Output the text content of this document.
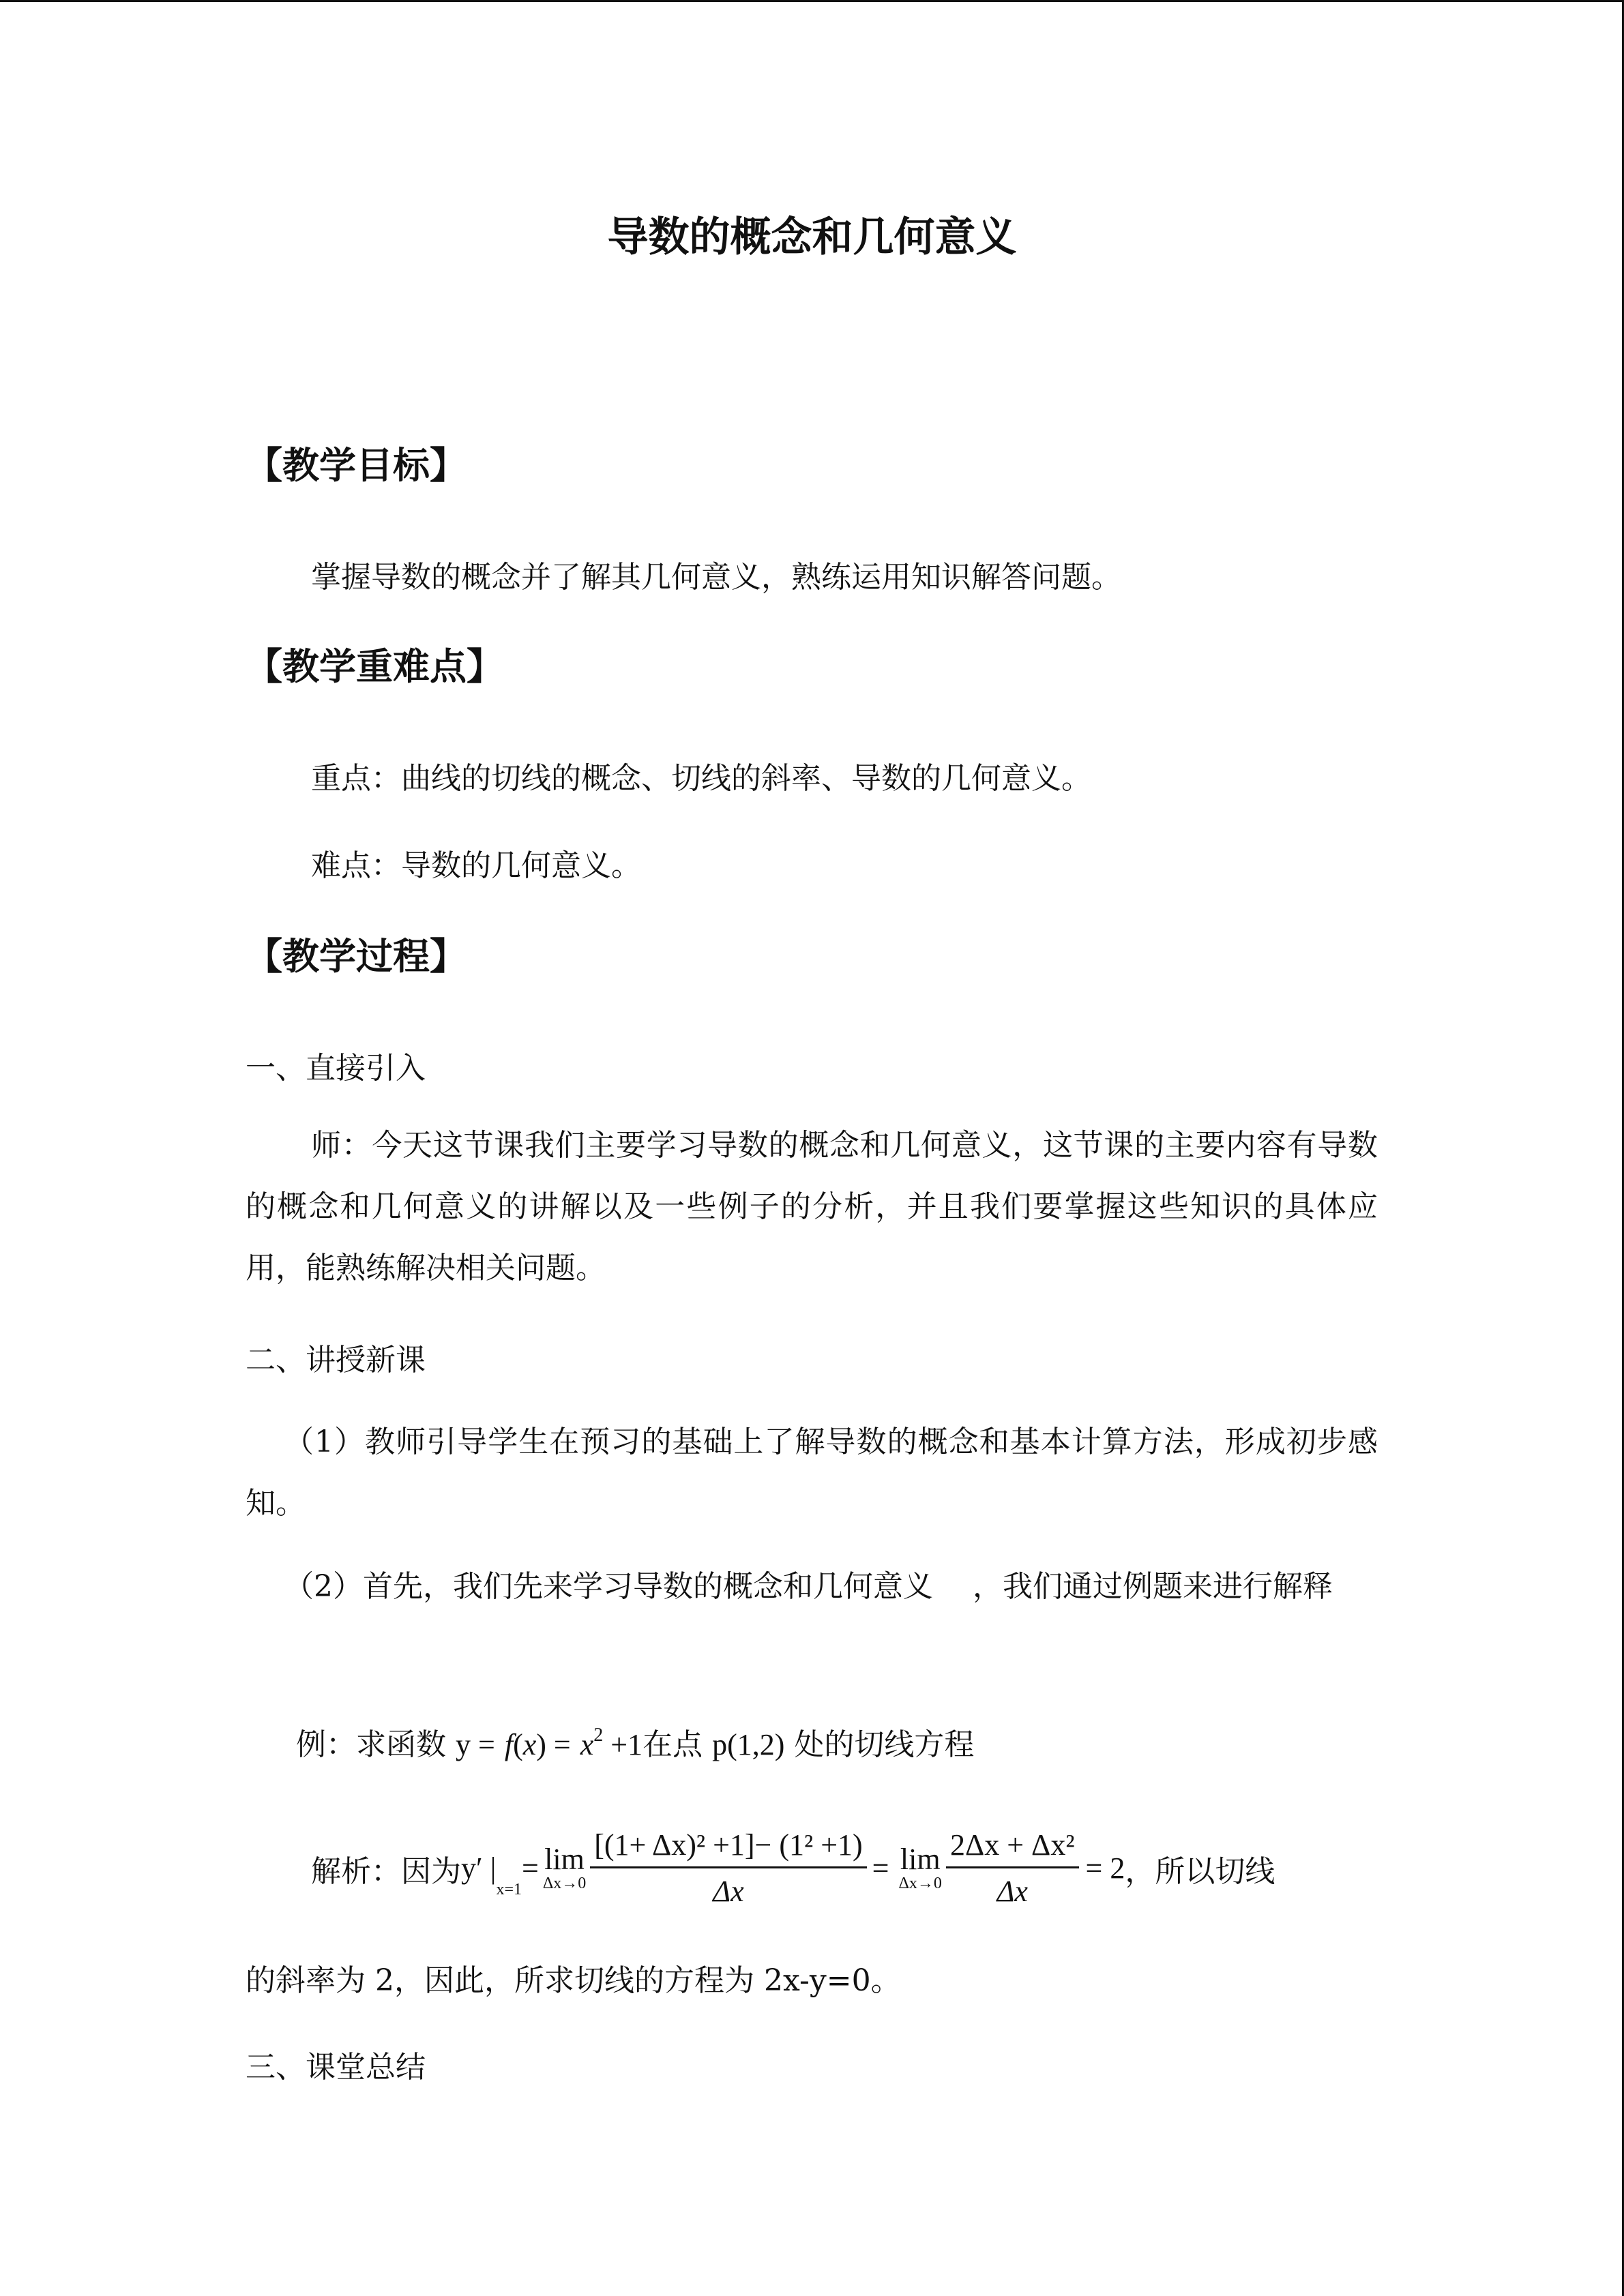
导数的概念和几何意义
【教学目标】
掌握导数的概念并了解其几何意义，熟练运用知识解答问题。
【教学重难点】
重点：曲线的切线的概念、切线的斜率、导数的几何意义。
难点：导数的几何意义。
【教学过程】
一、直接引入
师：今天这节课我们主要学习导数的概念和几何意义，这节课的主要内容有导数的概念和几何意义的讲解以及一些例子的分析，并且我们要掌握这些知识的具体应用，能熟练解决相关问题。
二、讲授新课
（1）教师引导学生在预习的基础上了解导数的概念和基本计算方法，形成初步感知。
（2）首先，我们先来学习导数的概念和几何意义 　，我们通过例题来进行解释
例：求函数 $y = f(x) = x^2 +1$在点 p(1,2) 处的切线方程
解析：因为 y′ |
x=1
= lim
$\Delta x\to 0 \frac{\text{[(1+ Δx)² +1]− (1² +1)}}{\Delta x} = \lim$
$\Delta x\to 0 \frac{\text{2Δx + Δx²}}{\Delta x} = 2$ ，所以切线
的斜率为 2，因此，所求切线的方程为 2x-y=0。
三、课堂总结
